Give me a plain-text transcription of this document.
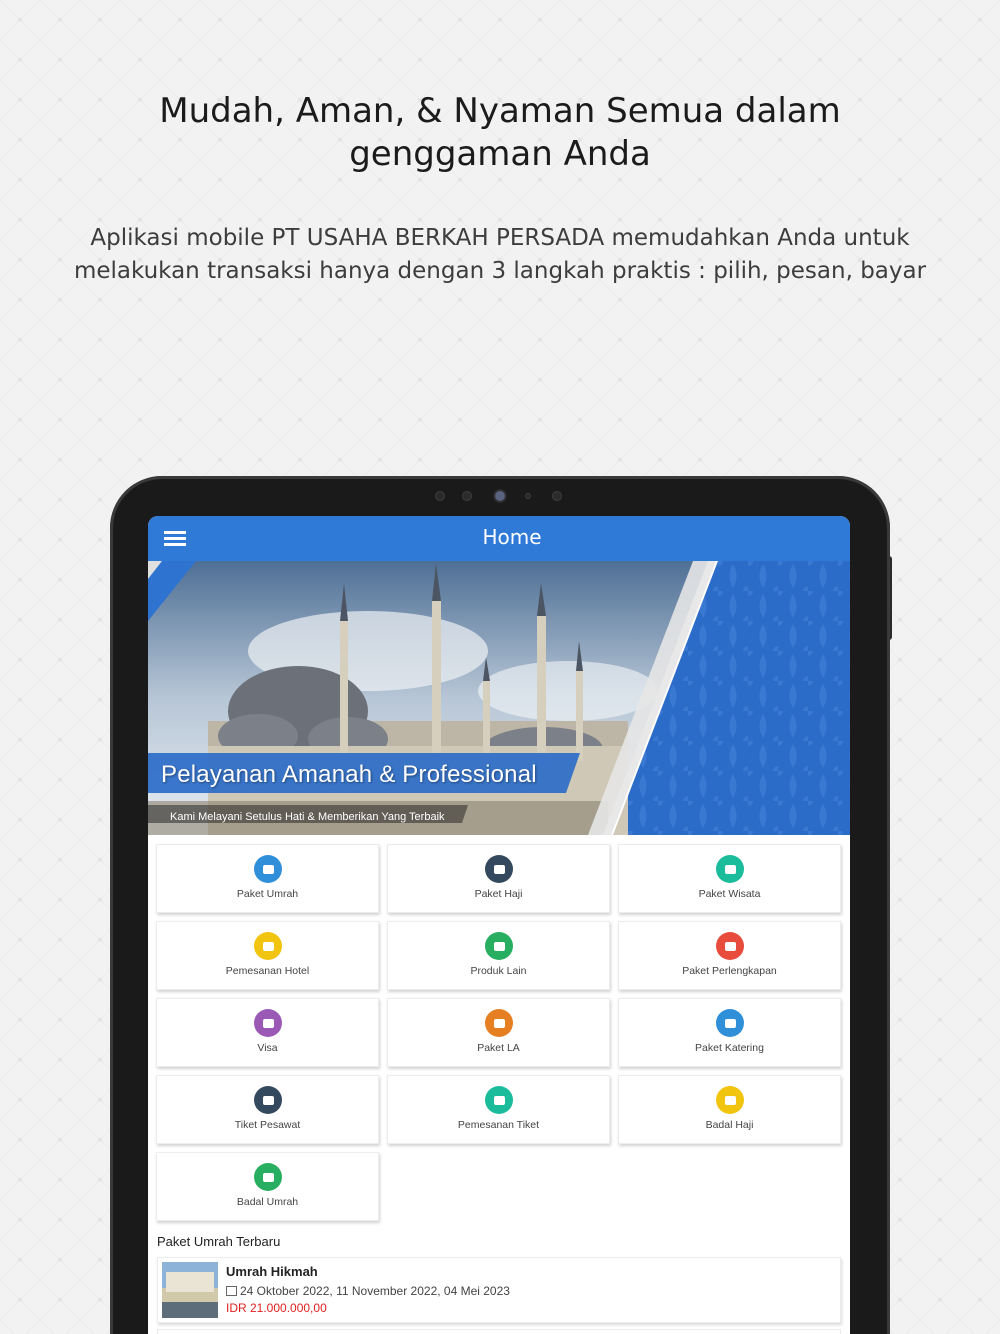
Mudah, Aman, & Nyaman Semua dalam genggaman Anda
Aplikasi mobile PT USAHA BERKAH PERSADA memudahkan Anda untuk melakukan transaksi hanya dengan 3 langkah praktis : pilih, pesan, bayar
Home
Pelayanan Amanah & Professional
Kami Melayani Setulus Hati & Memberikan Yang Terbaik
Paket Umrah	Paket Haji	Paket Wisata
Pemesanan Hotel	Produk Lain	Paket Perlengkapan
Visa	Paket LA	Paket Katering
Tiket Pesawat	Pemesanan Tiket	Badal Haji
Badal Umrah
Paket Umrah Terbaru
Umrah Hikmah
24 Oktober 2022, 11 November 2022, 04 Mei 2023
IDR 21.000.000,00
